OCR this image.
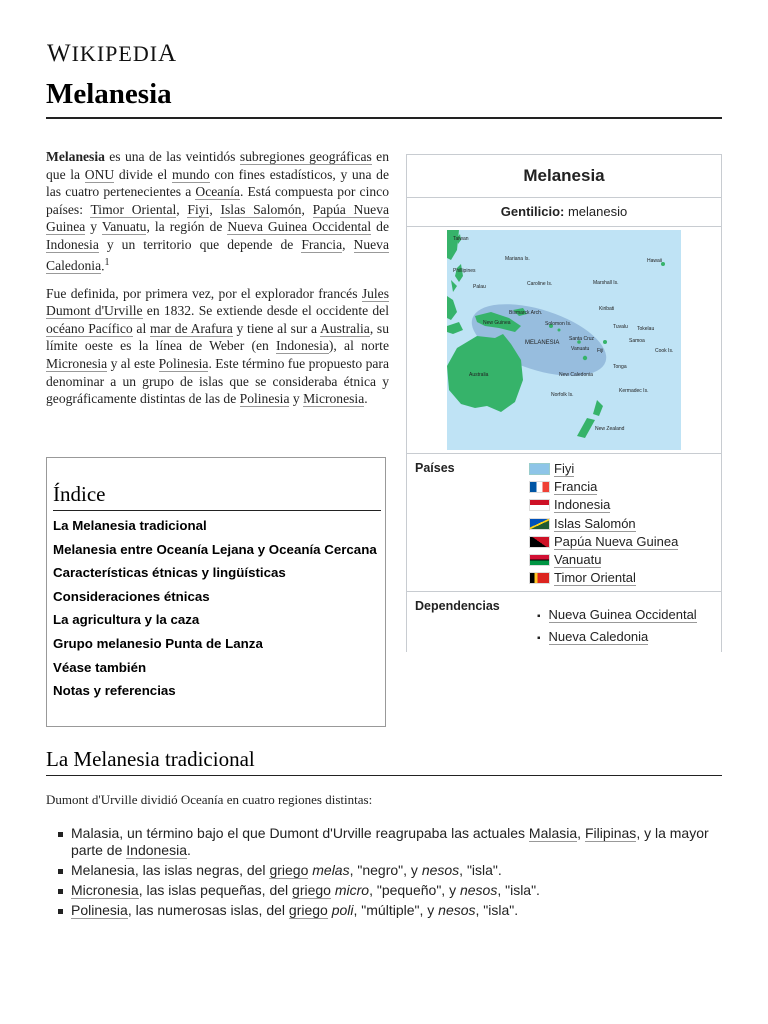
WIKIPEDIA
Melanesia

Melanesia es una de las veintidós subregiones geográficas en que la ONU divide el mundo con fines estadísticos, y una de las cuatro pertenecientes a Oceanía. Está compuesta por cinco países: Timor Oriental, Fiyi, Islas Salomón, Papúa Nueva Guinea y Vanuatu, la región de Nueva Guinea Occidental de Indonesia y un territorio que depende de Francia, Nueva Caledonia.$^1$

Fue definida, por primera vez, por el explorador francés Jules Dumont d'Urville en 1832. Se extiende desde el occidente del océano Pacífico al mar de Arafura y tiene al sur a Australia, su límite oeste es la línea de Weber (en Indonesia), al norte Micronesia y al este Polinesia. Este término fue propuesto para denominar a un grupo de islas que se consideraba étnica y geográficamente distintas de las de Polinesia y Micronesia.

Índice
La Melanesia tradicional
Melanesia entre Oceanía Lejana y Oceanía Cercana
Características étnicas y lingüísticas
Consideraciones étnicas
La agricultura y la caza
Grupo melanesio Punta de Lanza
Véase también
Notas y referencias
Melanesia
Gentilicio: melanesio
Taiwan
Mariana Is.
Phillipines
Palau	Caroline Is.	Marshall Is.
Hawaii
Kiribati
Bismarck Arch.
New Guinea	Solomon Is.
MELANESIA
Tuvalu Tokelau
Samoa
Santa Cruz
Vanuatu	Cook Is.
Fiji
Tonga
Australia	New Caledonia
Kermadec Is.
Norfolk Is.
New Zealand
Países	Fiyi
Francia
Indonesia
Islas Salomón
Papúa Nueva Guinea
Vanuatu
Timor Oriental
Dependencias
▪ Nueva Guinea Occidental
▪ Nueva Caledonia
La Melanesia tradicional
Dumont d'Urville dividió Oceanía en cuatro regiones distintas:
Malasia, un término bajo el que Dumont d'Urville reagrupaba las actuales Malasia, Filipinas, y la mayor parte de Indonesia.
Melanesia, las islas negras, del griego melas, "negro", y nesos, "isla".
Micronesia, las islas pequeñas, del griego micro, "pequeño", y nesos, "isla".
Polinesia, las numerosas islas, del griego poli, "múltiple", y nesos, "isla".
